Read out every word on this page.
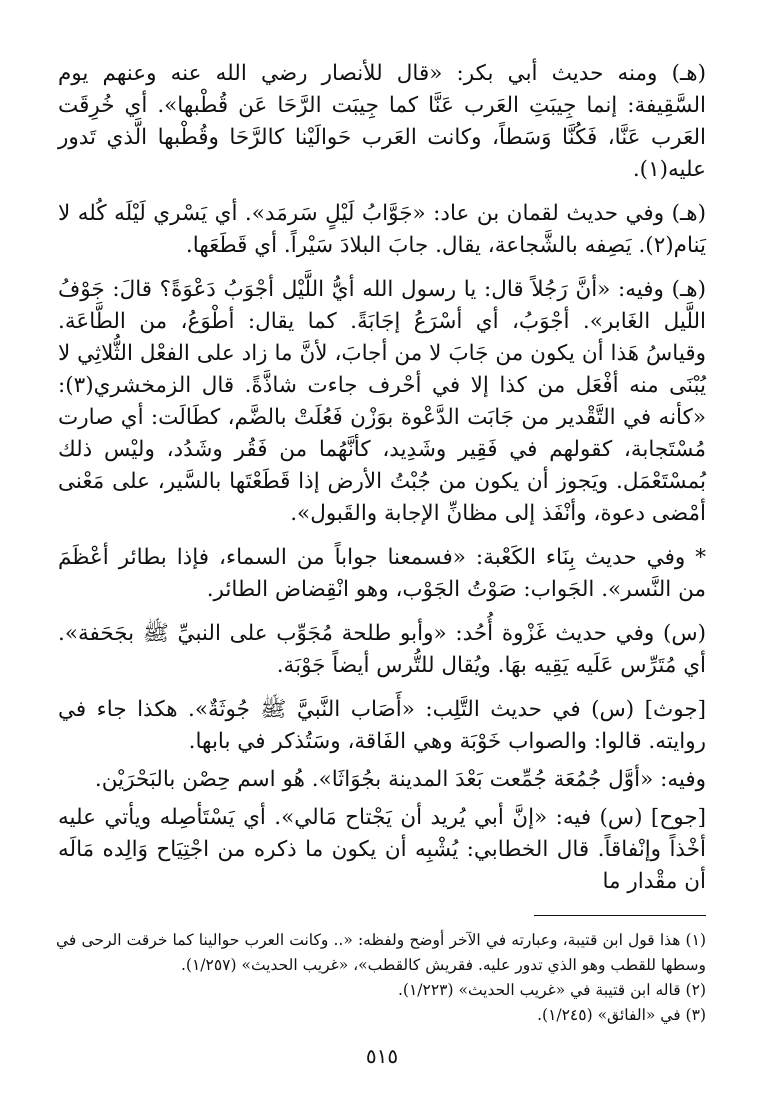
(هـ) ومنه حديث أبي بكر: «قال للأنصار رضي الله عنه وعنهم يوم السَّقِيفة: إنما جِيبَتِ العَرب عَنَّا كما جِيبَت الرَّحَا عَن قُطْبها». أي خُرِقَت العَرب عَنَّا، فَكُنَّا وَسَطاً، وكانت العَرب حَوالَيْنا كالرَّحَا وقُطْبها الَّذي تَدور عليه(١).

(هـ) وفي حديث لقمان بن عاد: «جَوَّابُ لَيْلٍ سَرمَد». أي يَسْري لَيْلَه كُله لا يَنام(٢). يَصِفه بالشَّجاعة، يقال. جابَ البلادَ سَيْراً. أي قَطَعَها.

(هـ) وفيه: «أنَّ رَجُلاً قال: يا رسول الله أيُّ اللَّيْل أجْوَبُ دَعْوَةً؟ قالَ: جَوْفُ اللَّيل الغَابر». أجْوَبُ، أي أسْرَعُ إجَابَةً. كما يقال: أطْوَعُ، من الطَّاعَة. وقياسُ هَذا أن يكون من جَابَ لا من أجابَ، لأنَّ ما زاد على الفعْل الثُّلاثِي لا يُبْنَى منه أفْعَل من كذا إلا في أحْرف جاءت شاذَّةً. قال الزمخشري(٣): «كأنه في التَّقْدير من جَابَت الدَّعْوة بوَزْن فَعُلَتْ بالضَّم، كطَالَت: أي صارت مُسْتَجابة، كقولهم في فَقِير وشَدِيد، كأنَّهُما من فَقُر وشَدُد، وليْس ذلك بُمسْتَعْمَل. ويَجوز أن يكون من جُبْتُ الأرض إذا قَطَعْتَها بالسَّير، على مَعْنى أمْضى دعوة، وأنْفَذ إلى مظانِّ الإجابة والقَبول».

* وفي حديث بِنَاء الكَعْبة: «فسمعنا جواباً من السماء، فإذا بطائر أعْظَمَ من النَّسر». الجَواب: صَوْتُ الجَوْب، وهو انْقِضاض الطائر.

(س) وفي حديث غَزْوة أُحُد: «وأبو طلحة مُجَوِّب على النبيِّ ﷺ بجَحَفة». أي مُتَرِّس عَلَيه يَقِيه بهَا. ويُقال للتُّرس أيضاً جَوْبَة.

[جوث] (س) في حديث التَّلِب: «أَصَاب النَّبيَّ ﷺ جُوثَةٌ». هكذا جاء في روايته. قالوا: والصواب خَوْبَة وهي الفَاقة، وسَتُذكر في بابها.

وفيه: «أوَّل جُمُعَة جُمِّعت بَعْدَ المدينة بجُوَاثَا». هُو اسم حِصْن بالبَحْرَيْن.

[جوح] (س) فيه: «إنَّ أبي يُريد أن يَجْتاح مَالي». أي يَسْتَأصِله ويأتي عليه أخْذاً وإنْفاقاً. قال الخطابي: يُشْبِه أن يكون ما ذكره من اجْتِيَاح وَالِده مَالَه أن مقْدار ما

(١) هذا قول ابن قتيبة، وعبارته في الآخر أوضح ولفظه: «.. وكانت العرب حوالينا كما خرقت الرحى في وسطها للقطب وهو الذي تدور عليه. فقريش كالقطب»، «غريب الحديث» (١/٢٥٧).

(٢) قاله ابن قتيبة في «غريب الحديث» (١/٢٢٣).

(٣) في «الفائق» (١/٢٤٥).

٥١٥
